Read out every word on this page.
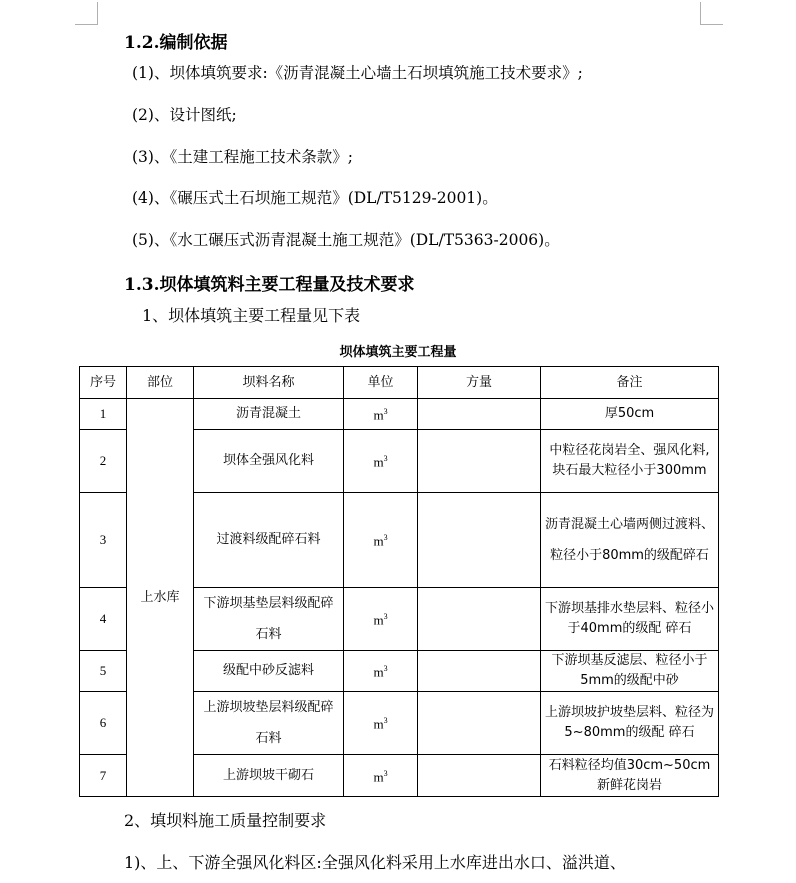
1.2.编制依据
(1)、坝体填筑要求:《沥青混凝土心墙土石坝填筑施工技术要求》;
(2)、设计图纸;
(3)、《土建工程施工技术条款》;
(4)、《碾压式土石坝施工规范》(DL/T5129-2001)。
(5)、《水工碾压式沥青混凝土施工规范》(DL/T5363-2006)。
1.3.坝体填筑料主要工程量及技术要求
1、坝体填筑主要工程量见下表
坝体填筑主要工程量
序号	部位	坝料名称	单位	方量	备注
1	上水库	沥青混凝土	$m^3$		厚50cm
2		坝体全强风化料	$m^3$		中粒径花岗岩全、强风化料,块石最大粒径小于300mm
3		过渡料级配碎石料	$m^3$		沥青混凝土心墙两侧过渡料、粒径小于80mm的级配碎石
4		下游坝基垫层料级配碎石料	$m^3$		下游坝基排水垫层料、粒径小于40mm的级配 碎石
5		级配中砂反滤料	$m^3$		下游坝基反滤层、粒径小于5mm的级配中砂
6		上游坝坡垫层料级配碎石料	$m^3$		上游坝坡护坡垫层料、粒径为5~80mm的级配 碎石
7		上游坝坡干砌石	$m^3$		石料粒径均值30cm~50cm新鲜花岗岩
2、填坝料施工质量控制要求
1)、上、下游全强风化料区:全强风化料采用上水库进出水口、溢洪道、
